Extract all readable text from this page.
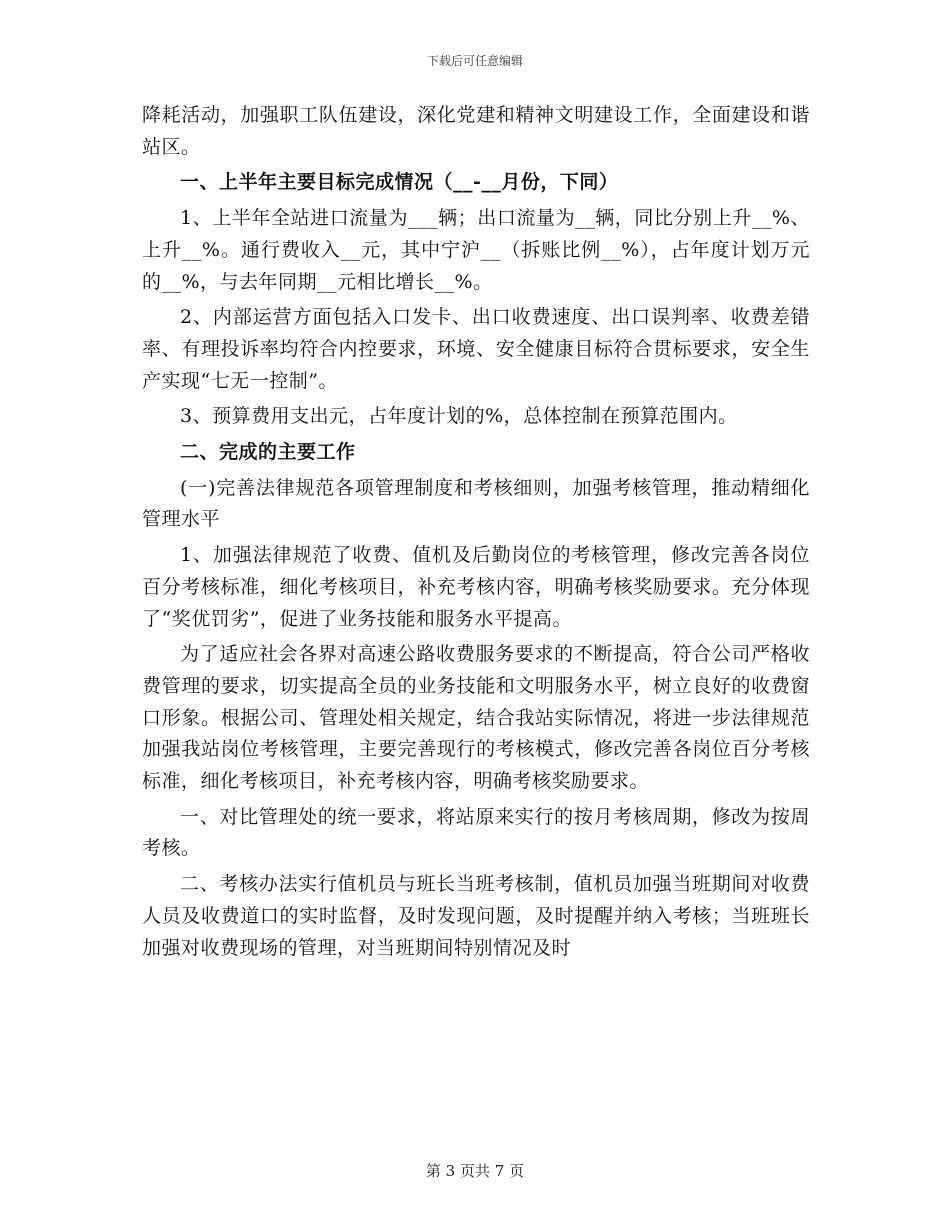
下载后可任意编辑

降耗活动，加强职工队伍建设，深化党建和精神文明建设工作，全面建设和谐站区。

一、上半年主要目标完成情况（__-__月份，下同）

1、上半年全站进口流量为___辆；出口流量为__辆，同比分别上升__%、上升__%。通行费收入__元，其中宁沪__（拆账比例__%），占年度计划万元的__%，与去年同期__元相比增长__%。

2、内部运营方面包括入口发卡、出口收费速度、出口误判率、收费差错率、有理投诉率均符合内控要求，环境、安全健康目标符合贯标要求，安全生产实现“七无一控制”。

3、预算费用支出元，占年度计划的%，总体控制在预算范围内。

二、完成的主要工作

(一)完善法律规范各项管理制度和考核细则，加强考核管理，推动精细化管理水平

1、加强法律规范了收费、值机及后勤岗位的考核管理，修改完善各岗位百分考核标准，细化考核项目，补充考核内容，明确考核奖励要求。充分体现了“奖优罚劣”，促进了业务技能和服务水平提高。

为了适应社会各界对高速公路收费服务要求的不断提高，符合公司严格收费管理的要求，切实提高全员的业务技能和文明服务水平，树立良好的收费窗口形象。根据公司、管理处相关规定，结合我站实际情况，将进一步法律规范加强我站岗位考核管理，主要完善现行的考核模式，修改完善各岗位百分考核标准，细化考核项目，补充考核内容，明确考核奖励要求。

一、对比管理处的统一要求，将站原来实行的按月考核周期，修改为按周考核。

二、考核办法实行值机员与班长当班考核制，值机员加强当班期间对收费人员及收费道口的实时监督，及时发现问题，及时提醒并纳入考核；当班班长加强对收费现场的管理，对当班期间特别情况及时

第 3 页共 7 页
